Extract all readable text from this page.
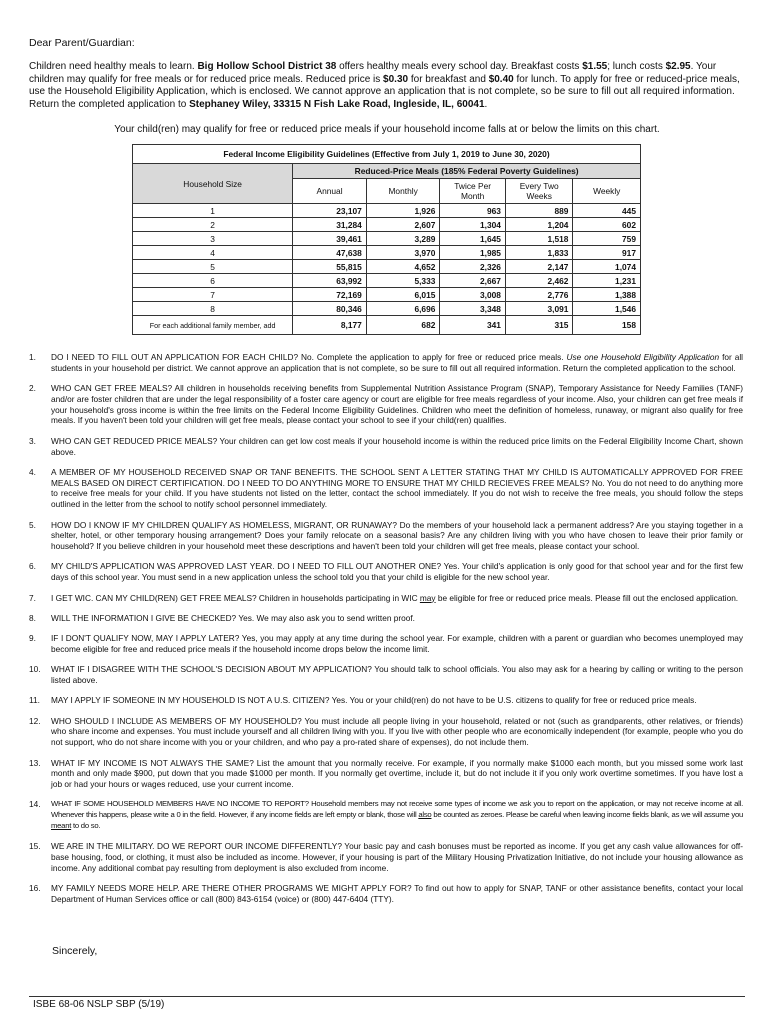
Dear Parent/Guardian:
Children need healthy meals to learn. Big Hollow School District 38 offers healthy meals every school day. Breakfast costs $1.55; lunch costs $2.95. Your children may qualify for free meals or for reduced price meals. Reduced price is $0.30 for breakfast and $0.40 for lunch. To apply for free or reduced-price meals, use the Household Eligibility Application, which is enclosed. We cannot approve an application that is not complete, so be sure to fill out all required information. Return the completed application to Stephaney Wiley, 33315 N Fish Lake Road, Ingleside, IL, 60041.
Your child(ren) may qualify for free or reduced price meals if your household income falls at or below the limits on this chart.
Federal Income Eligibility Guidelines (Effective from July 1, 2019 to June 30, 2020)					
Household Size	Reduced-Price Meals (185% Federal Poverty Guidelines)				
	Annual	Monthly	Twice Per Month	Every Two Weeks	Weekly
1	23,107	1,926	963	889	445
2	31,284	2,607	1,304	1,204	602
3	39,461	3,289	1,645	1,518	759
4	47,638	3,970	1,985	1,833	917
5	55,815	4,652	2,326	2,147	1,074
6	63,992	5,333	2,667	2,462	1,231
7	72,169	6,015	3,008	2,776	1,388
8	80,346	6,696	3,348	3,091	1,546
For each additional family member, add	8,177	682	341	315	158
1.	DO I NEED TO FILL OUT AN APPLICATION FOR EACH CHILD? No. Complete the application to apply for free or reduced price meals. Use one Household Eligibility Application for all students in your household per district. We cannot approve an application that is not complete, so be sure to fill out all required information. Return the completed application to the school.
2.	WHO CAN GET FREE MEALS? All children in households receiving benefits from Supplemental Nutrition Assistance Program (SNAP), Temporary Assistance for Needy Families (TANF) and/or are foster children that are under the legal responsibility of a foster care agency or court are eligible for free meals regardless of your income. Also, your children can get free meals if your household's gross income is within the free limits on the Federal Income Eligibility Guidelines. Children who meet the definition of homeless, runaway, or migrant also qualify for free meals. If you haven't been told your children will get free meals, please contact your school to see if your child(ren) qualifies.
3.	WHO CAN GET REDUCED PRICE MEALS? Your children can get low cost meals if your household income is within the reduced price limits on the Federal Eligibility Income Chart, shown above.
4.	A MEMBER OF MY HOUSEHOLD RECEIVED SNAP OR TANF BENEFITS. THE SCHOOL SENT A LETTER STATING THAT MY CHILD IS AUTOMATICALLY APPROVED FOR FREE MEALS BASED ON DIRECT CERTIFICATION. DO I NEED TO DO ANYTHING MORE TO ENSURE THAT MY CHILD RECIEVES FREE MEALS? No. You do not need to do anything more to receive free meals for your child. If you have students not listed on the letter, contact the school immediately. If you do not wish to receive the free meals, you should follow the steps outlined in the letter from the school to notify school personnel immediately.
5.	HOW DO I KNOW IF MY CHILDREN QUALIFY AS HOMELESS, MIGRANT, OR RUNAWAY? Do the members of your household lack a permanent address? Are you staying together in a shelter, hotel, or other temporary housing arrangement? Does your family relocate on a seasonal basis? Are any children living with you who have chosen to leave their prior family or household? If you believe children in your household meet these descriptions and haven't been told your children will get free meals, please contact your school.
6.	MY CHILD'S APPLICATION WAS APPROVED LAST YEAR. DO I NEED TO FILL OUT ANOTHER ONE? Yes. Your child's application is only good for that school year and for the first few days of this school year. You must send in a new application unless the school told you that your child is eligible for the new school year.
7.	I GET WIC. CAN MY CHILD(REN) GET FREE MEALS? Children in households participating in WIC may be eligible for free or reduced price meals. Please fill out the enclosed application.
8.	WILL THE INFORMATION I GIVE BE CHECKED? Yes. We may also ask you to send written proof.
9.	IF I DON'T QUALIFY NOW, MAY I APPLY LATER? Yes, you may apply at any time during the school year. For example, children with a parent or guardian who becomes unemployed may become eligible for free and reduced price meals if the household income drops below the income limit.
10.	WHAT IF I DISAGREE WITH THE SCHOOL'S DECISION ABOUT MY APPLICATION? You should talk to school officials. You also may ask for a hearing by calling or writing to the person listed above.
11.	MAY I APPLY IF SOMEONE IN MY HOUSEHOLD IS NOT A U.S. CITIZEN? Yes. You or your child(ren) do not have to be U.S. citizens to qualify for free or reduced price meals.
12.	WHO SHOULD I INCLUDE AS MEMBERS OF MY HOUSEHOLD? You must include all people living in your household, related or not (such as grandparents, other relatives, or friends) who share income and expenses. You must include yourself and all children living with you. If you live with other people who are economically independent (for example, people who you do not support, who do not share income with you or your children, and who pay a pro-rated share of expenses), do not include them.
13.	WHAT IF MY INCOME IS NOT ALWAYS THE SAME? List the amount that you normally receive. For example, if you normally make $1000 each month, but you missed some work last month and only made $900, put down that you made $1000 per month. If you normally get overtime, include it, but do not include it if you only work overtime sometimes. If you have lost a job or had your hours or wages reduced, use your current income.
14.	WHAT IF SOME HOUSEHOLD MEMBERS HAVE NO INCOME TO REPORT? Household members may not receive some types of income we ask you to report on the application, or may not receive income at all. Whenever this happens, please write a 0 in the field. However, if any income fields are left empty or blank, those will also be counted as zeroes. Please be careful when leaving income fields blank, as we will assume you meant to do so.
15.	WE ARE IN THE MILITARY. DO WE REPORT OUR INCOME DIFFERENTLY? Your basic pay and cash bonuses must be reported as income. If you get any cash value allowances for off-base housing, food, or clothing, it must also be included as income. However, if your housing is part of the Military Housing Privatization Initiative, do not include your housing allowance as income. Any additional combat pay resulting from deployment is also excluded from income.
16.	MY FAMILY NEEDS MORE HELP. ARE THERE OTHER PROGRAMS WE MIGHT APPLY FOR? To find out how to apply for SNAP, TANF or other assistance benefits, contact your local Department of Human Services office or call (800) 843-6154 (voice) or (800) 447-6404 (TTY).
Sincerely,
ISBE 68-06 NSLP SBP (5/19)
